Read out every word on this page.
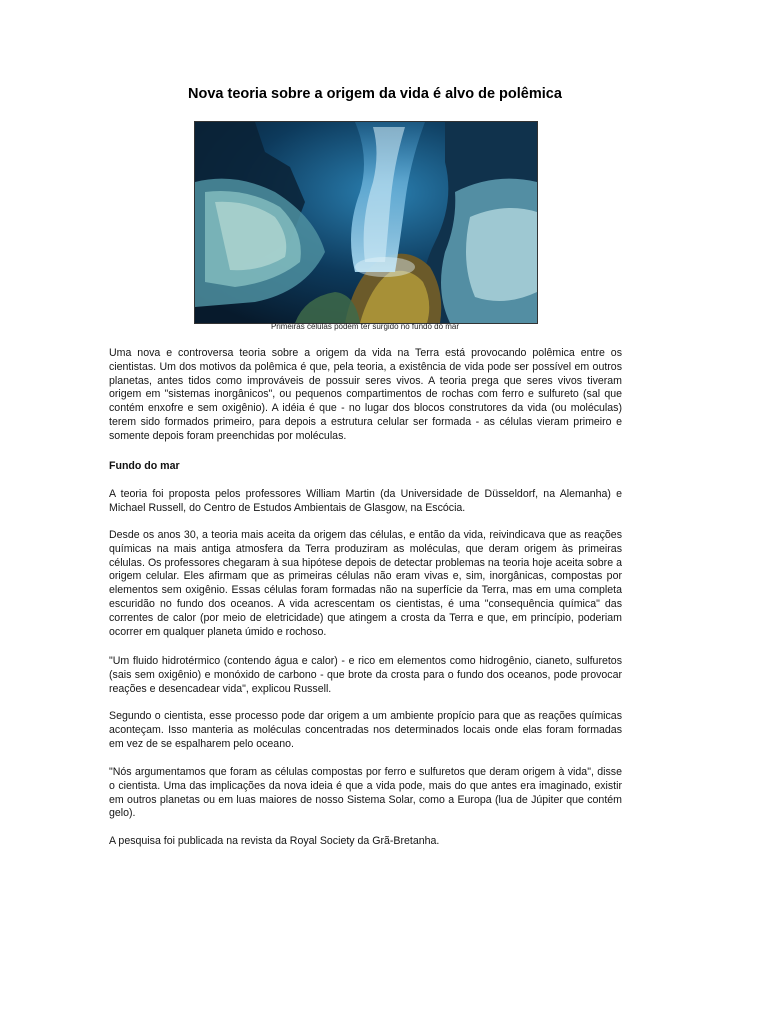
Nova teoria sobre a origem da vida é alvo de polêmica
Primeiras células podem ter surgido no fundo do mar

Uma nova e controversa teoria sobre a origem da vida na Terra está provocando polêmica entre os cientistas. Um dos motivos da polêmica é que, pela teoria, a existência de vida pode ser possível em outros planetas, antes tidos como improváveis de possuir seres vivos. A teoria prega que seres vivos tiveram origem em "sistemas inorgânicos", ou pequenos compartimentos de rochas com ferro e sulfureto (sal que contém enxofre e sem oxigênio). A idéia é que - no lugar dos blocos construtores da vida (ou moléculas) terem sido formados primeiro, para depois a estrutura celular ser formada - as células vieram primeiro e somente depois foram preenchidas por moléculas.

Fundo do mar

A teoria foi proposta pelos professores William Martin (da Universidade de Düsseldorf, na Alemanha) e Michael Russell, do Centro de Estudos Ambientais de Glasgow, na Escócia.

Desde os anos 30, a teoria mais aceita da origem das células, e então da vida, reivindicava que as reações químicas na mais antiga atmosfera da Terra produziram as moléculas, que deram origem às primeiras células. Os professores chegaram à sua hipótese depois de detectar problemas na teoria hoje aceita sobre a origem celular. Eles afirmam que as primeiras células não eram vivas e, sim, inorgânicas, compostas por elementos sem oxigênio. Essas células foram formadas não na superfície da Terra, mas em uma completa escuridão no fundo dos oceanos. A vida acrescentam os cientistas, é uma "consequência química" das correntes de calor (por meio de eletricidade) que atingem a crosta da Terra e que, em princípio, poderiam ocorrer em qualquer planeta úmido e rochoso.

"Um fluido hidrotérmico (contendo água e calor) - e rico em elementos como hidrogênio, cianeto, sulfuretos (sais sem oxigênio) e monóxido de carbono - que brote da crosta para o fundo dos oceanos, pode provocar reações e desencadear vida", explicou Russell.

Segundo o cientista, esse processo pode dar origem a um ambiente propício para que as reações químicas aconteçam. Isso manteria as moléculas concentradas nos determinados locais onde elas foram formadas em vez de se espalharem pelo oceano.

"Nós argumentamos que foram as células compostas por ferro e sulfuretos que deram origem à vida", disse o cientista. Uma das implicações da nova ideia é que a vida pode, mais do que antes era imaginado, existir em outros planetas ou em luas maiores de nosso Sistema Solar, como a Europa (lua de Júpiter que contém gelo).

A pesquisa foi publicada na revista da Royal Society da Grã-Bretanha.
